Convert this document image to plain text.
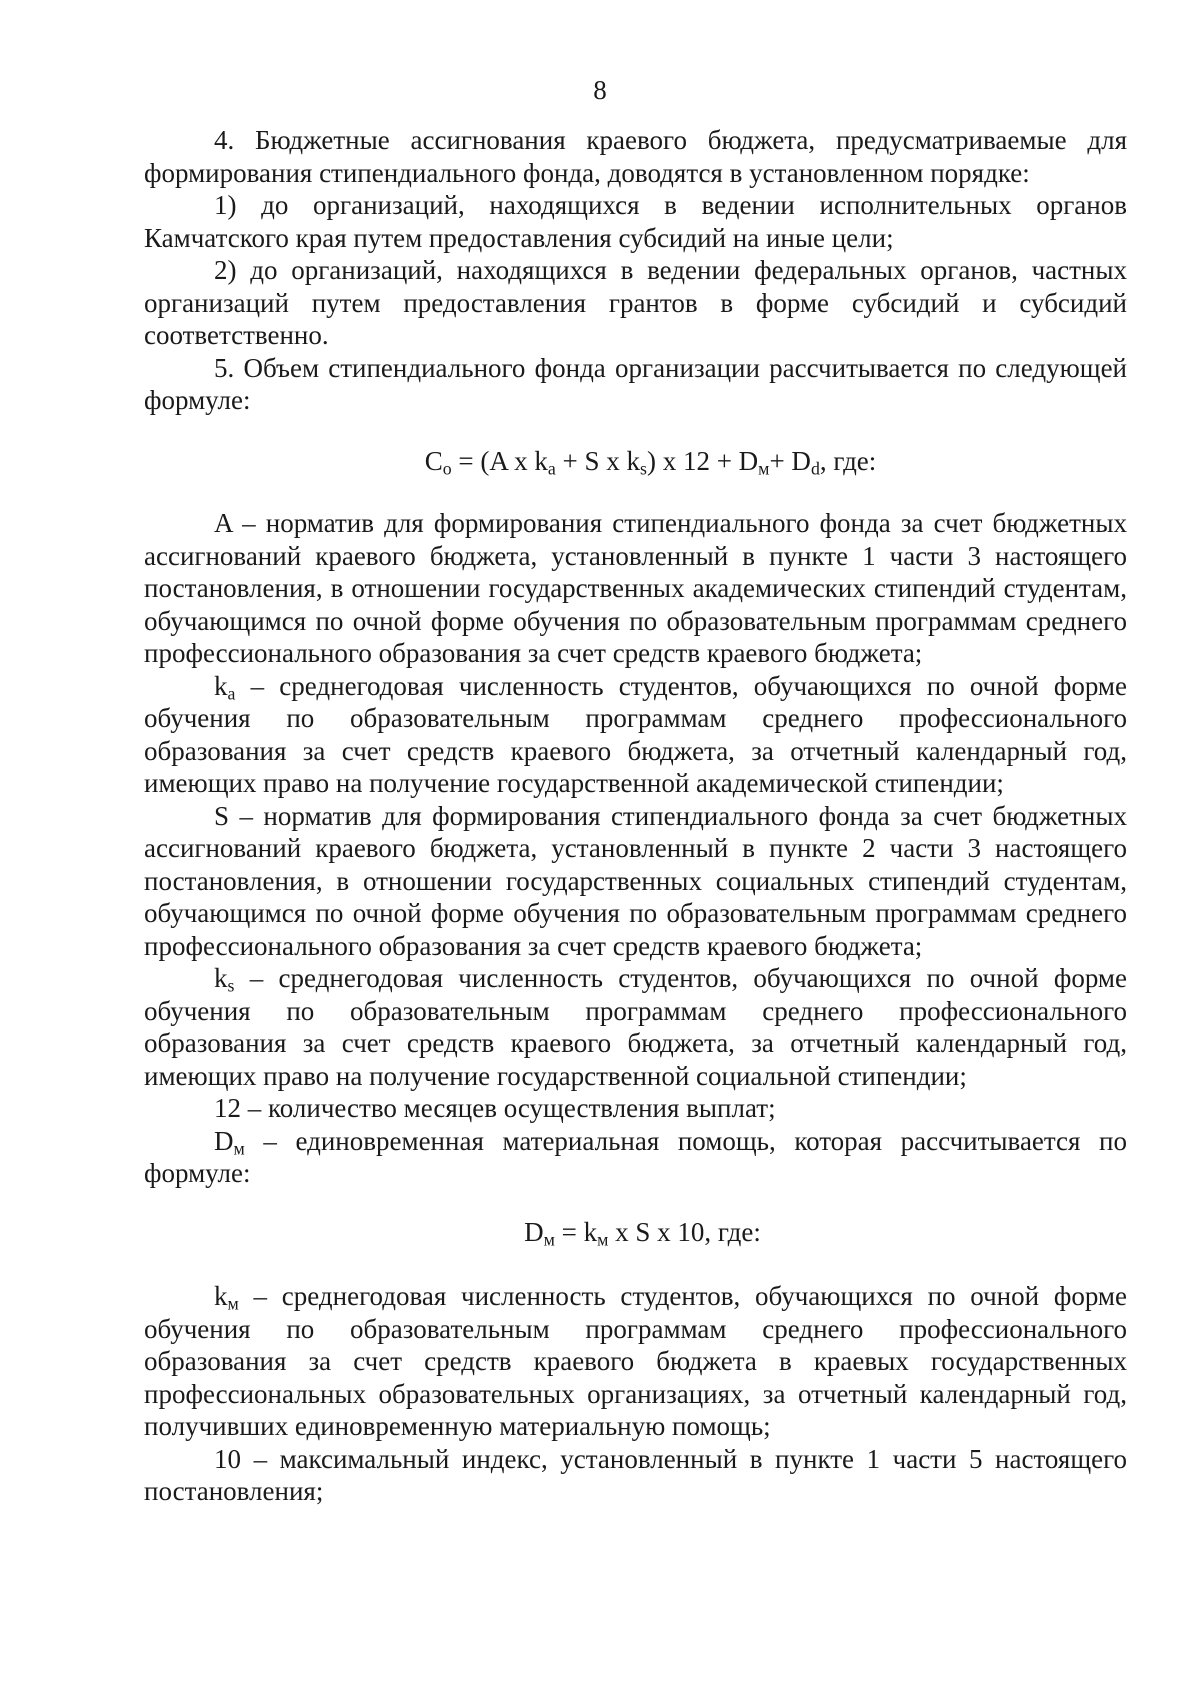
8

4. Бюджетные ассигнования краевого бюджета, предусматриваемые для формирования стипендиального фонда, доводятся в установленном порядке:

1) до организаций, находящихся в ведении исполнительных органов Камчатского края путем предоставления субсидий на иные цели;

2) до организаций, находящихся в ведении федеральных органов, частных организаций путем предоставления грантов в форме субсидий и субсидий соответственно.

5. Объем стипендиального фонда организации рассчитывается по следующей формуле:

$C_o = (A$ x $k_a + S$ x $k_s$) x $12 + D_м+ D_d$, где:

A – норматив для формирования стипендиального фонда за счет бюджетных ассигнований краевого бюджета, установленный в пункте 1 части 3 настоящего постановления, в отношении государственных академических стипендий студентам, обучающимся по очной форме обучения по образовательным программам среднего профессионального образования за счет средств краевого бюджета;

$k_a$ – среднегодовая численность студентов, обучающихся по очной форме обучения по образовательным программам среднего профессионального образования за счет средств краевого бюджета, за отчетный календарный год, имеющих право на получение государственной академической стипендии;

S – норматив для формирования стипендиального фонда за счет бюджетных ассигнований краевого бюджета, установленный в пункте 2 части 3 настоящего постановления, в отношении государственных социальных стипендий студентам, обучающимся по очной форме обучения по образовательным программам среднего профессионального образования за счет средств краевого бюджета;

$k_s$ – среднегодовая численность студентов, обучающихся по очной форме обучения по образовательным программам среднего профессионального образования за счет средств краевого бюджета, за отчетный календарный год, имеющих право на получение государственной социальной стипендии;

12 – количество месяцев осуществления выплат;

$D_м$ – единовременная материальная помощь, которая рассчитывается по формуле:

$D_м = k_м$ x S x 10, где:

$k_м$ – среднегодовая численность студентов, обучающихся по очной форме обучения по образовательным программам среднего профессионального образования за счет средств краевого бюджета в краевых государственных профессиональных образовательных организациях, за отчетный календарный год, получивших единовременную материальную помощь;

10 – максимальный индекс, установленный в пункте 1 части 5 настоящего постановления;
